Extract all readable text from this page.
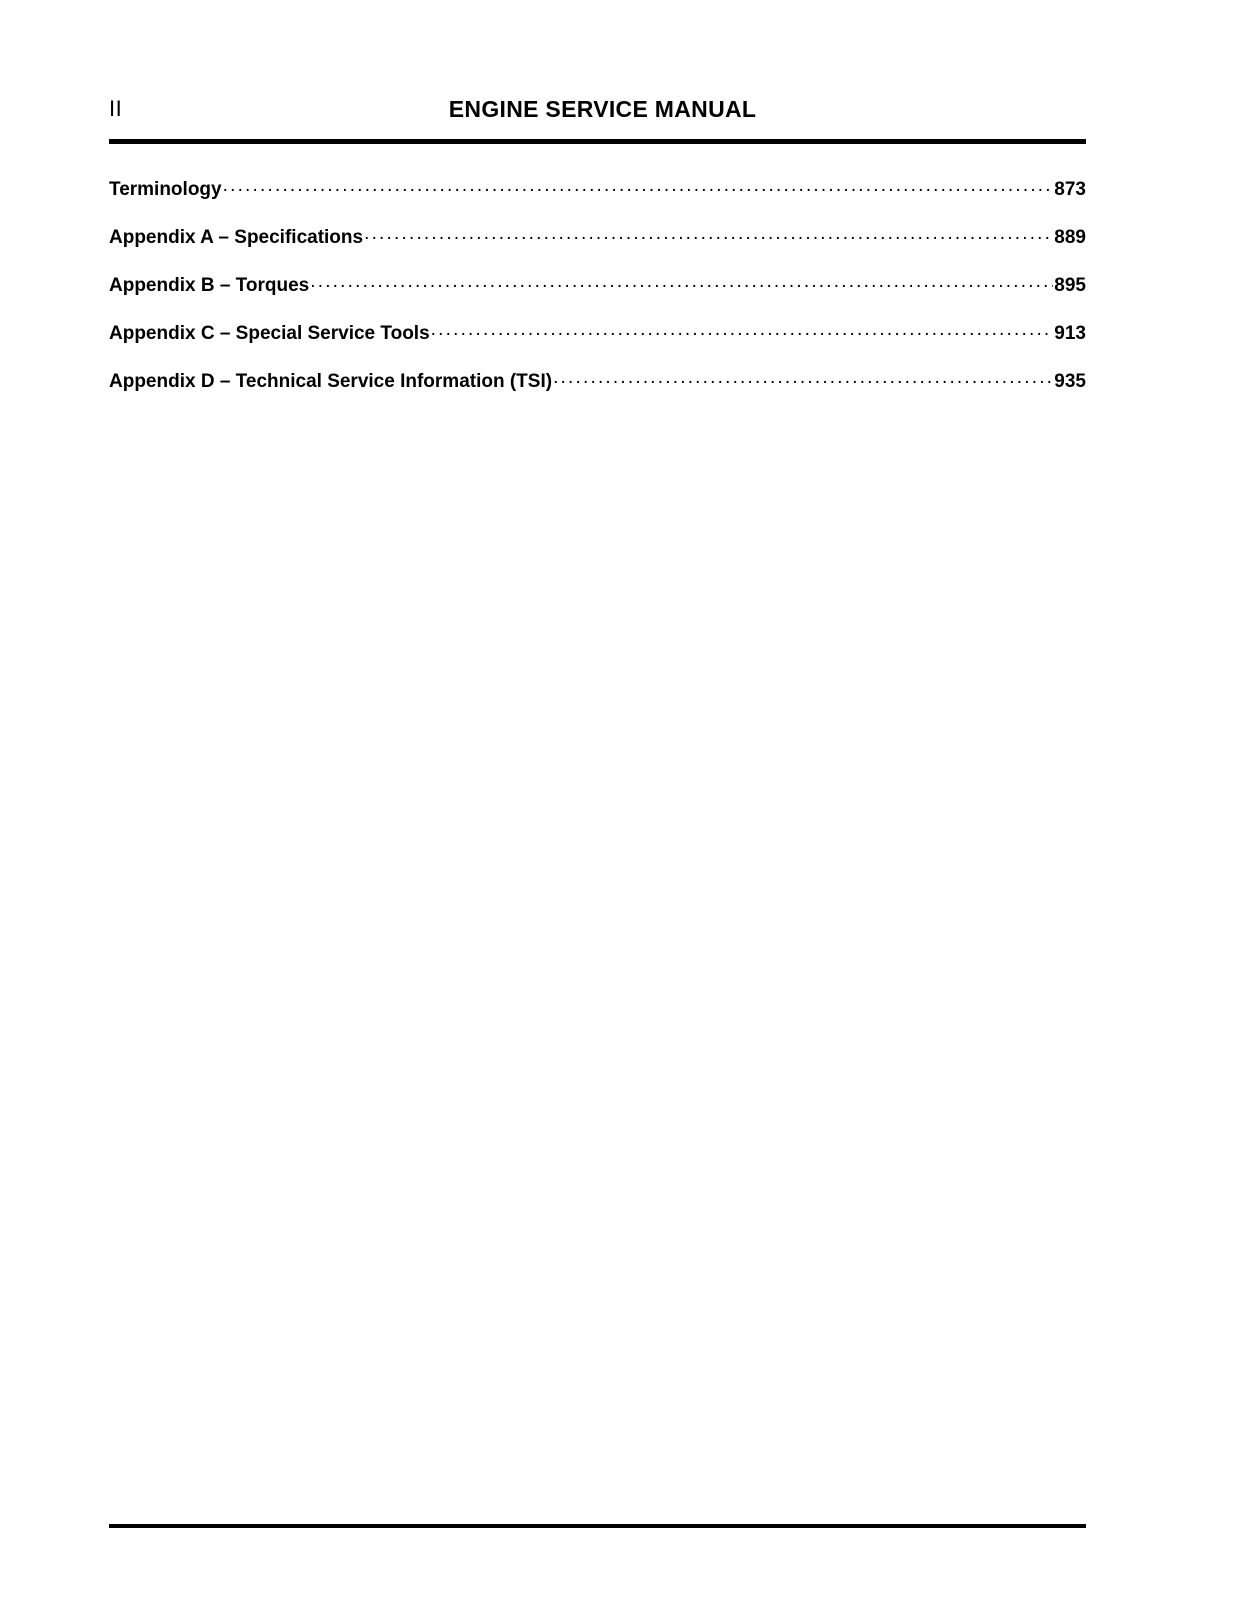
II	ENGINE SERVICE MANUAL
Terminology .....	873
Appendix A – Specifications .....	889
Appendix B – Torques .....	895
Appendix C – Special Service Tools .....	913
Appendix D – Technical Service Information (TSI) .....	935
